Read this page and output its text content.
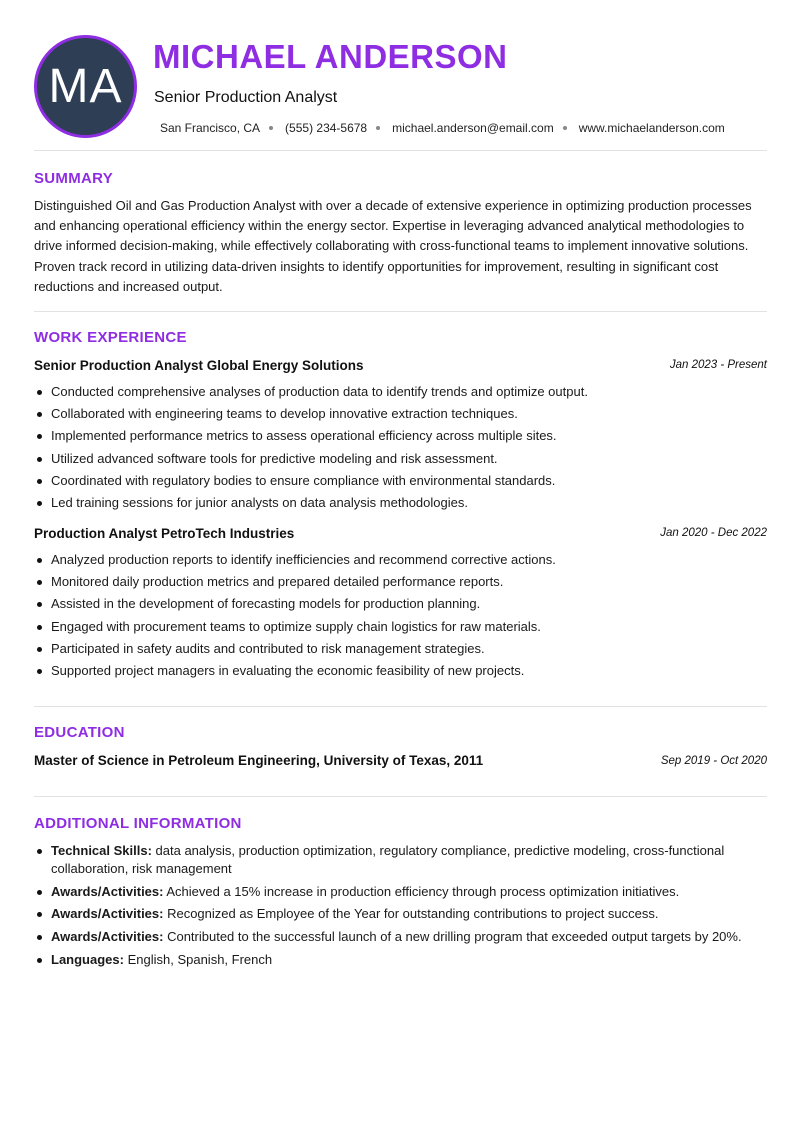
MA
MICHAEL ANDERSON
Senior Production Analyst
San Francisco, CA (555) 234-5678 michael.anderson@email.com www.michaelanderson.com
SUMMARY
Distinguished Oil and Gas Production Analyst with over a decade of extensive experience in optimizing production processes and enhancing operational efficiency within the energy sector. Expertise in leveraging advanced analytical methodologies to drive informed decision-making, while effectively collaborating with cross-functional teams to implement innovative solutions. Proven track record in utilizing data-driven insights to identify opportunities for improvement, resulting in significant cost reductions and increased output.
WORK EXPERIENCE
Senior Production Analyst Global Energy Solutions	Jan 2023 - Present
Conducted comprehensive analyses of production data to identify trends and optimize output.
Collaborated with engineering teams to develop innovative extraction techniques.
Implemented performance metrics to assess operational efficiency across multiple sites.
Utilized advanced software tools for predictive modeling and risk assessment.
Coordinated with regulatory bodies to ensure compliance with environmental standards.
Led training sessions for junior analysts on data analysis methodologies.
Production Analyst PetroTech Industries	Jan 2020 - Dec 2022
Analyzed production reports to identify inefficiencies and recommend corrective actions.
Monitored daily production metrics and prepared detailed performance reports.
Assisted in the development of forecasting models for production planning.
Engaged with procurement teams to optimize supply chain logistics for raw materials.
Participated in safety audits and contributed to risk management strategies.
Supported project managers in evaluating the economic feasibility of new projects.
EDUCATION
Master of Science in Petroleum Engineering, University of Texas, 2011	Sep 2019 - Oct 2020
ADDITIONAL INFORMATION
Technical Skills: data analysis, production optimization, regulatory compliance, predictive modeling, cross-functional collaboration, risk management
Awards/Activities: Achieved a 15% increase in production efficiency through process optimization initiatives.
Awards/Activities: Recognized as Employee of the Year for outstanding contributions to project success.
Awards/Activities: Contributed to the successful launch of a new drilling program that exceeded output targets by 20%.
Languages: English, Spanish, French
